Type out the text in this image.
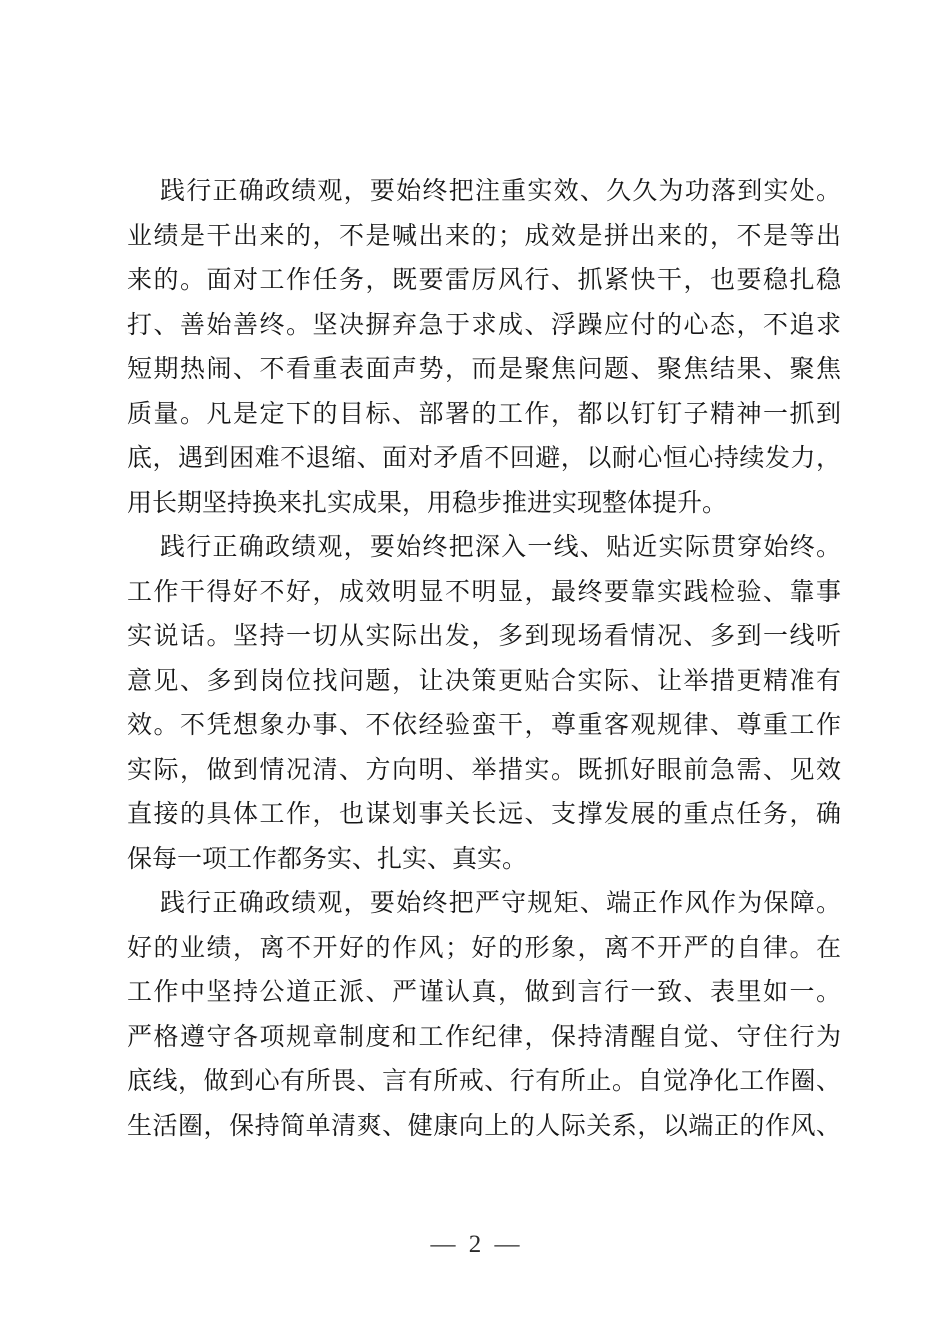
践行正确政绩观，要始终把注重实效、久久为功落到实处。
业绩是干出来的，不是喊出来的；成效是拼出来的，不是等出
来的。面对工作任务，既要雷厉风行、抓紧快干，也要稳扎稳
打、善始善终。坚决摒弃急于求成、浮躁应付的心态，不追求
短期热闹、不看重表面声势，而是聚焦问题、聚焦结果、聚焦
质量。凡是定下的目标、部署的工作，都以钉钉子精神一抓到
底，遇到困难不退缩、面对矛盾不回避，以耐心恒心持续发力，
用长期坚持换来扎实成果，用稳步推进实现整体提升。
践行正确政绩观，要始终把深入一线、贴近实际贯穿始终。
工作干得好不好，成效明显不明显，最终要靠实践检验、靠事
实说话。坚持一切从实际出发，多到现场看情况、多到一线听
意见、多到岗位找问题，让决策更贴合实际、让举措更精准有
效。不凭想象办事、不依经验蛮干，尊重客观规律、尊重工作
实际，做到情况清、方向明、举措实。既抓好眼前急需、见效
直接的具体工作，也谋划事关长远、支撑发展的重点任务，确
保每一项工作都务实、扎实、真实。
践行正确政绩观，要始终把严守规矩、端正作风作为保障。
好的业绩，离不开好的作风；好的形象，离不开严的自律。在
工作中坚持公道正派、严谨认真，做到言行一致、表里如一。
严格遵守各项规章制度和工作纪律，保持清醒自觉、守住行为
底线，做到心有所畏、言有所戒、行有所止。自觉净化工作圈、
生活圈，保持简单清爽、健康向上的人际关系，以端正的作风、
— 2 —
